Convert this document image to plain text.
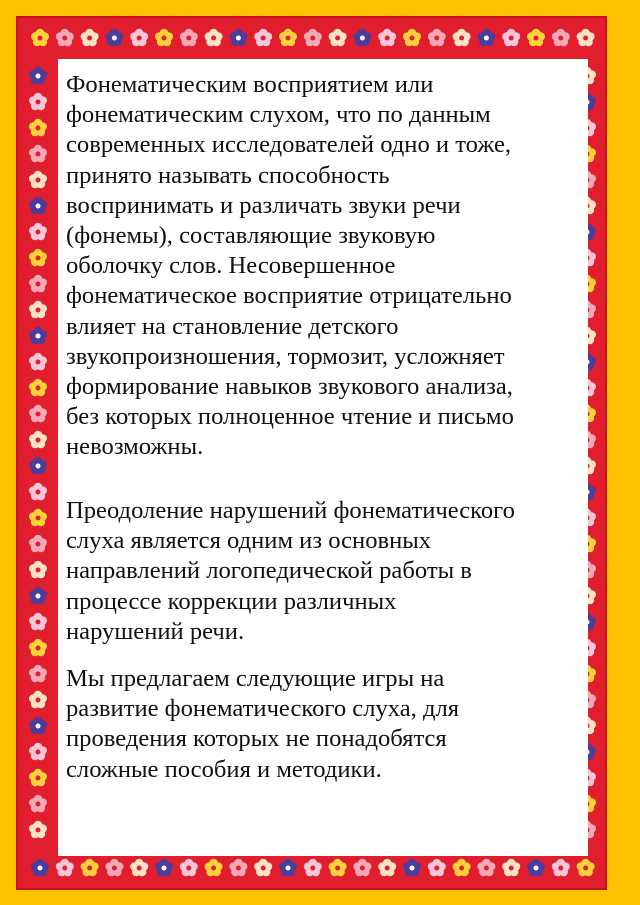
Фонематическим восприятием или
фонематическим слухом, что по данным
современных исследователей одно и тоже,
принято называть способность
воспринимать и различать звуки речи
(фонемы), составляющие звуковую
оболочку слов. Несовершенное
фонематическое восприятие отрицательно
влияет на становление детского
звукопроизношения, тормозит, усложняет
формирование навыков звукового анализа,
без которых полноценное чтение и письмо
невозможны.

Преодоление нарушений фонематического
слуха является одним из основных
направлений логопедической работы в
процессе коррекции различных
нарушений речи.

Мы предлагаем следующие игры на
развитие фонематического слуха, для
проведения которых не понадобятся
сложные пособия и методики.
